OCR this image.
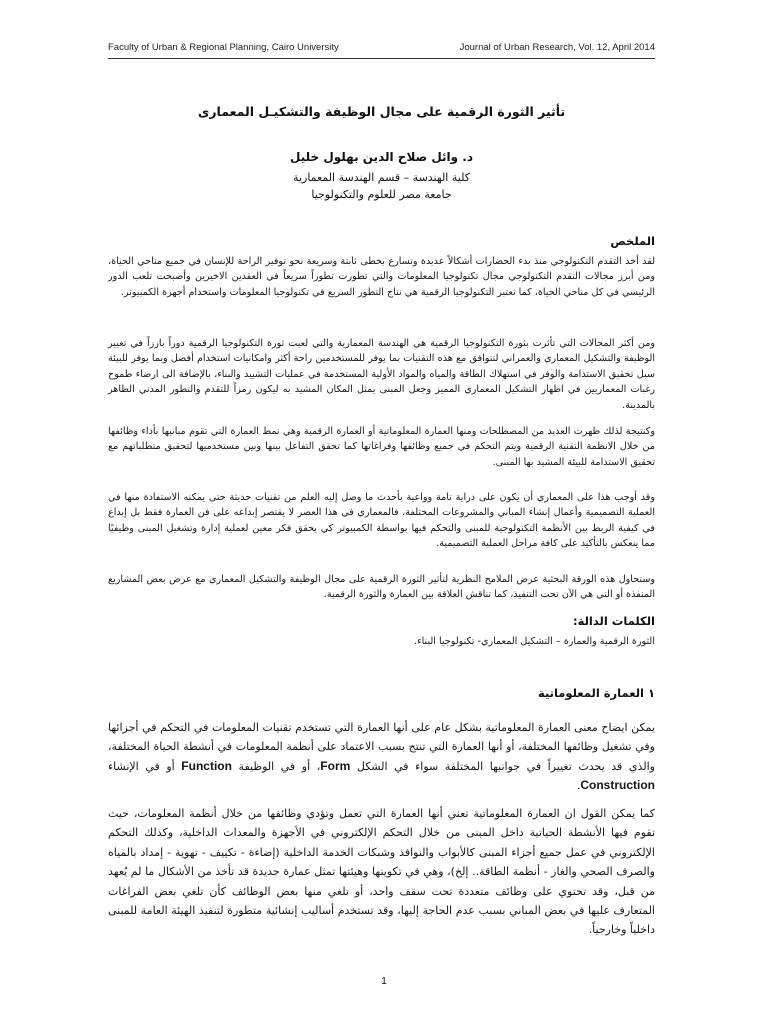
Faculty of Urban & Regional Planning, Cairo University	Journal of Urban Research, Vol. 12, April 2014
تأثير الثورة الرقمية على مجال الوظيفة والتشكيـل المعمارى
د. وائل صلاح الدين بهلول خليل
كلية الهندسة – قسم الهندسة المعمارية
جامعة مصر للعلوم والتكنولوجيا
الملخص
لقد أخذ التقدم التكنولوجي منذ بدء الحضارات أشكالاً عديدة وتسارع بخطى ثابتة وسريعة نحو توفير الراحة للإنسان في جميع مناحي الحياة، ومن أبرز مجالات التقدم التكنولوجي مجال تكنولوجيا المعلومات والتي تطورت تطوراً سريعاً في العقدين الاخيرين وأصبحت تلعب الدور الرئيسي في كل مناحي الحياة، كما تعتبر التكنولوجيا الرقمية هي نتاج التطور السريع في تكنولوجيا المعلومات واستخدام أجهزة الكمبيوتر.
ومن أكثر المجالات التي تأثرت بثورة التكنولوجيا الرقمية هي الهندسة المعمارية والتي لعبت ثورة التكنولوجيا الرقمية دوراً بارزاً في تغيير الوظيفة والتشكيل المعماري والعمراني لتتوافق مع هذه التقنيات بما يوفر للمستخدمين راحة أكثر وامكانيات استخدام أفضل وبما يوفر للبيئة سبل تحقيق الاستدامة والوفر في استهلاك الطاقة والمياه والمواد الأولية المستخدمة في عمليات التشييد والبناء، بالإضافة الى ارضاء طموح رغبات المعماريين في اظهار التشكيل المعماري المميز وجعل المبنى يمثل المكان المشيد به ليكون رمزاً للتقدم والتطور المدني الظاهر بالمدينة.
وكنتيجة لذلك ظهرت العديد من المصطلحات ومنها العمارة المعلوماتية أو العمارة الرقمية وهي نمط العمارة التي تقوم مبانيها بأداء وظائفها من خلال الانظمة التقنية الرقمية ويتم التحكم في جميع وظائفها وفراغاتها كما تحقق التفاعل بينها وبين مستخدميها لتحقيق متطلباتهم مع تحقيق الاستدامة للبيئة المشيد بها المبنى.
وقد أوجب هذا على المعماري أن يكون على دراية تامة وواعية بأحدث ما وصل إليه العلم من تقنيات حديثة حتى يمكنه الاستفادة منها في العملية التصميمية وأعمال إنشاء المباني والمشروعات المختلفة، فالمعماري في هذا العصر لا يقتصر إبداعه على فن العمارة فقط بل إبداع في كيفية الربط بين الأنظمة التكنولوجية للمبنى والتحكم فيها بواسطة الكمبيوتر كي يحقق فكر معين لعملية إدارة وتشغيل المبنى وظيفيًا مما ينعكس بالتأكيد على كافة مراحل العملية التصميمية.
وستحاول هذه الورقة البحثية عرض الملامح النظرية لتأثير الثورة الرقمية على مجال الوظيفة والتشكيل المعماري مع عرض بعض المشاريع المنفذة أو التي هي الآن تحت التنفيذ، كما تناقش العلاقة بين العمارة والثورة الرقمية.
الكلمات الدالة:
الثورة الرقمية والعمارة – التشكيل المعماري- تكنولوجيا البناء.
١ العمارة المعلوماتية
يمكن ايضاح معنى العمارة المعلوماتية بشكل عام على أنها العمارة التي تستخدم تقنيات المعلومات في التحكم في أجزائها وفي تشغيل وظائفها المختلفة، أو أنها العمارة التي تنتج بسبب الاعتماد على أنظمة المعلومات في أنشطة الحياة المختلفة، والذي قد يحدث تغييراً في جوانبها المختلفة سواء في الشكل Form، أو في الوظيفة Function أو في الإنشاء Construction.
كما يمكن القول ان العمارة المعلوماتية تعني أنها العمارة التي تعمل وتؤدي وظائفها من خلال أنظمة المعلومات، حيث تقوم فيها الأنشطة الحياتية داخل المبنى من خلال التحكم الإلكتروني في الأجهزة والمعدات الداخلية، وكذلك التحكم الإلكتروني في عمل جميع أجزاء المبنى كالأبواب والنوافذ وشبكات الخدمة الداخلية (إضاءة - تكييف - تهوية - إمداد بالمياه والصرف الصحي والغاز - أنظمة الطاقة.. إلخ)، وهي في تكوينها وهيئتها تمثل عمارة جديدة قد تأخذ من الأشكال ما لم يُعهد من قبل، وقد تحتوي على وظائف متعددة تحت سقف واحد، أو تلغي منها بعض الوظائف كأن تلغي بعض الفراغات المتعارف عليها في بعض المباني بسبب عدم الحاجة إليها، وقد تستخدم أساليب إنشائية متطورة لتنفيذ الهيئة العامة للمبنى داخلياً وخارجياً.
1
